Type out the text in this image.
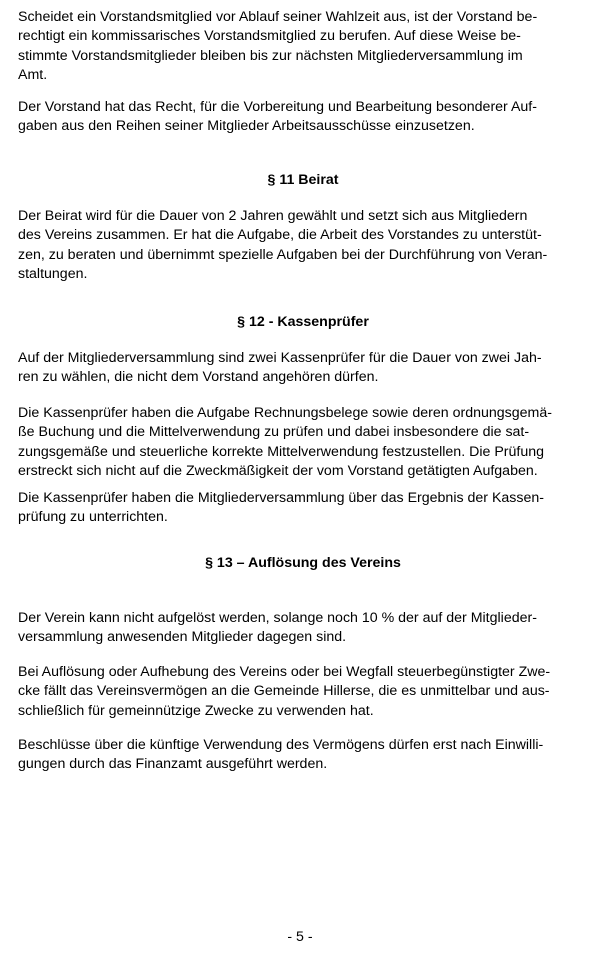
Scheidet ein Vorstandsmitglied vor Ablauf seiner Wahlzeit aus, ist der Vorstand be-
rechtigt ein kommissarisches Vorstandsmitglied zu berufen. Auf diese Weise be-
stimmte Vorstandsmitglieder bleiben bis zur nächsten Mitgliederversammlung im
Amt.

Der Vorstand hat das Recht, für die Vorbereitung und Bearbeitung besonderer Auf-
gaben aus den Reihen seiner Mitglieder Arbeitsausschüsse einzusetzen.

§ 11 Beirat

Der Beirat wird für die Dauer von 2 Jahren gewählt und setzt sich aus Mitgliedern
des Vereins zusammen. Er hat die Aufgabe, die Arbeit des Vorstandes zu unterstüt-
zen, zu beraten und übernimmt spezielle Aufgaben bei der Durchführung von Veran-
staltungen.

§ 12 - Kassenprüfer

Auf der Mitgliederversammlung sind zwei Kassenprüfer für die Dauer von zwei Jah-
ren zu wählen, die nicht dem Vorstand angehören dürfen.

Die Kassenprüfer haben die Aufgabe Rechnungsbelege sowie deren ordnungsgemä-
ße Buchung und die Mittelverwendung zu prüfen und dabei insbesondere die sat-
zungsgemäße und steuerliche korrekte Mittelverwendung festzustellen. Die Prüfung
erstreckt sich nicht auf die Zweckmäßigkeit der vom Vorstand getätigten Aufgaben.

Die Kassenprüfer haben die Mitgliederversammlung über das Ergebnis der Kassen-
prüfung zu unterrichten.

§ 13 – Auflösung des Vereins

Der Verein kann nicht aufgelöst werden, solange noch 10 % der auf der Mitglieder-
versammlung anwesenden Mitglieder dagegen sind.

Bei Auflösung oder Aufhebung des Vereins oder bei Wegfall steuerbegünstigter Zwe-
cke fällt das Vereinsvermögen an die Gemeinde Hillerse, die es unmittelbar und aus-
schließlich für gemeinnützige Zwecke zu verwenden hat.

Beschlüsse über die künftige Verwendung des Vermögens dürfen erst nach Einwilli-
gungen durch das Finanzamt ausgeführt werden.

- 5 -
